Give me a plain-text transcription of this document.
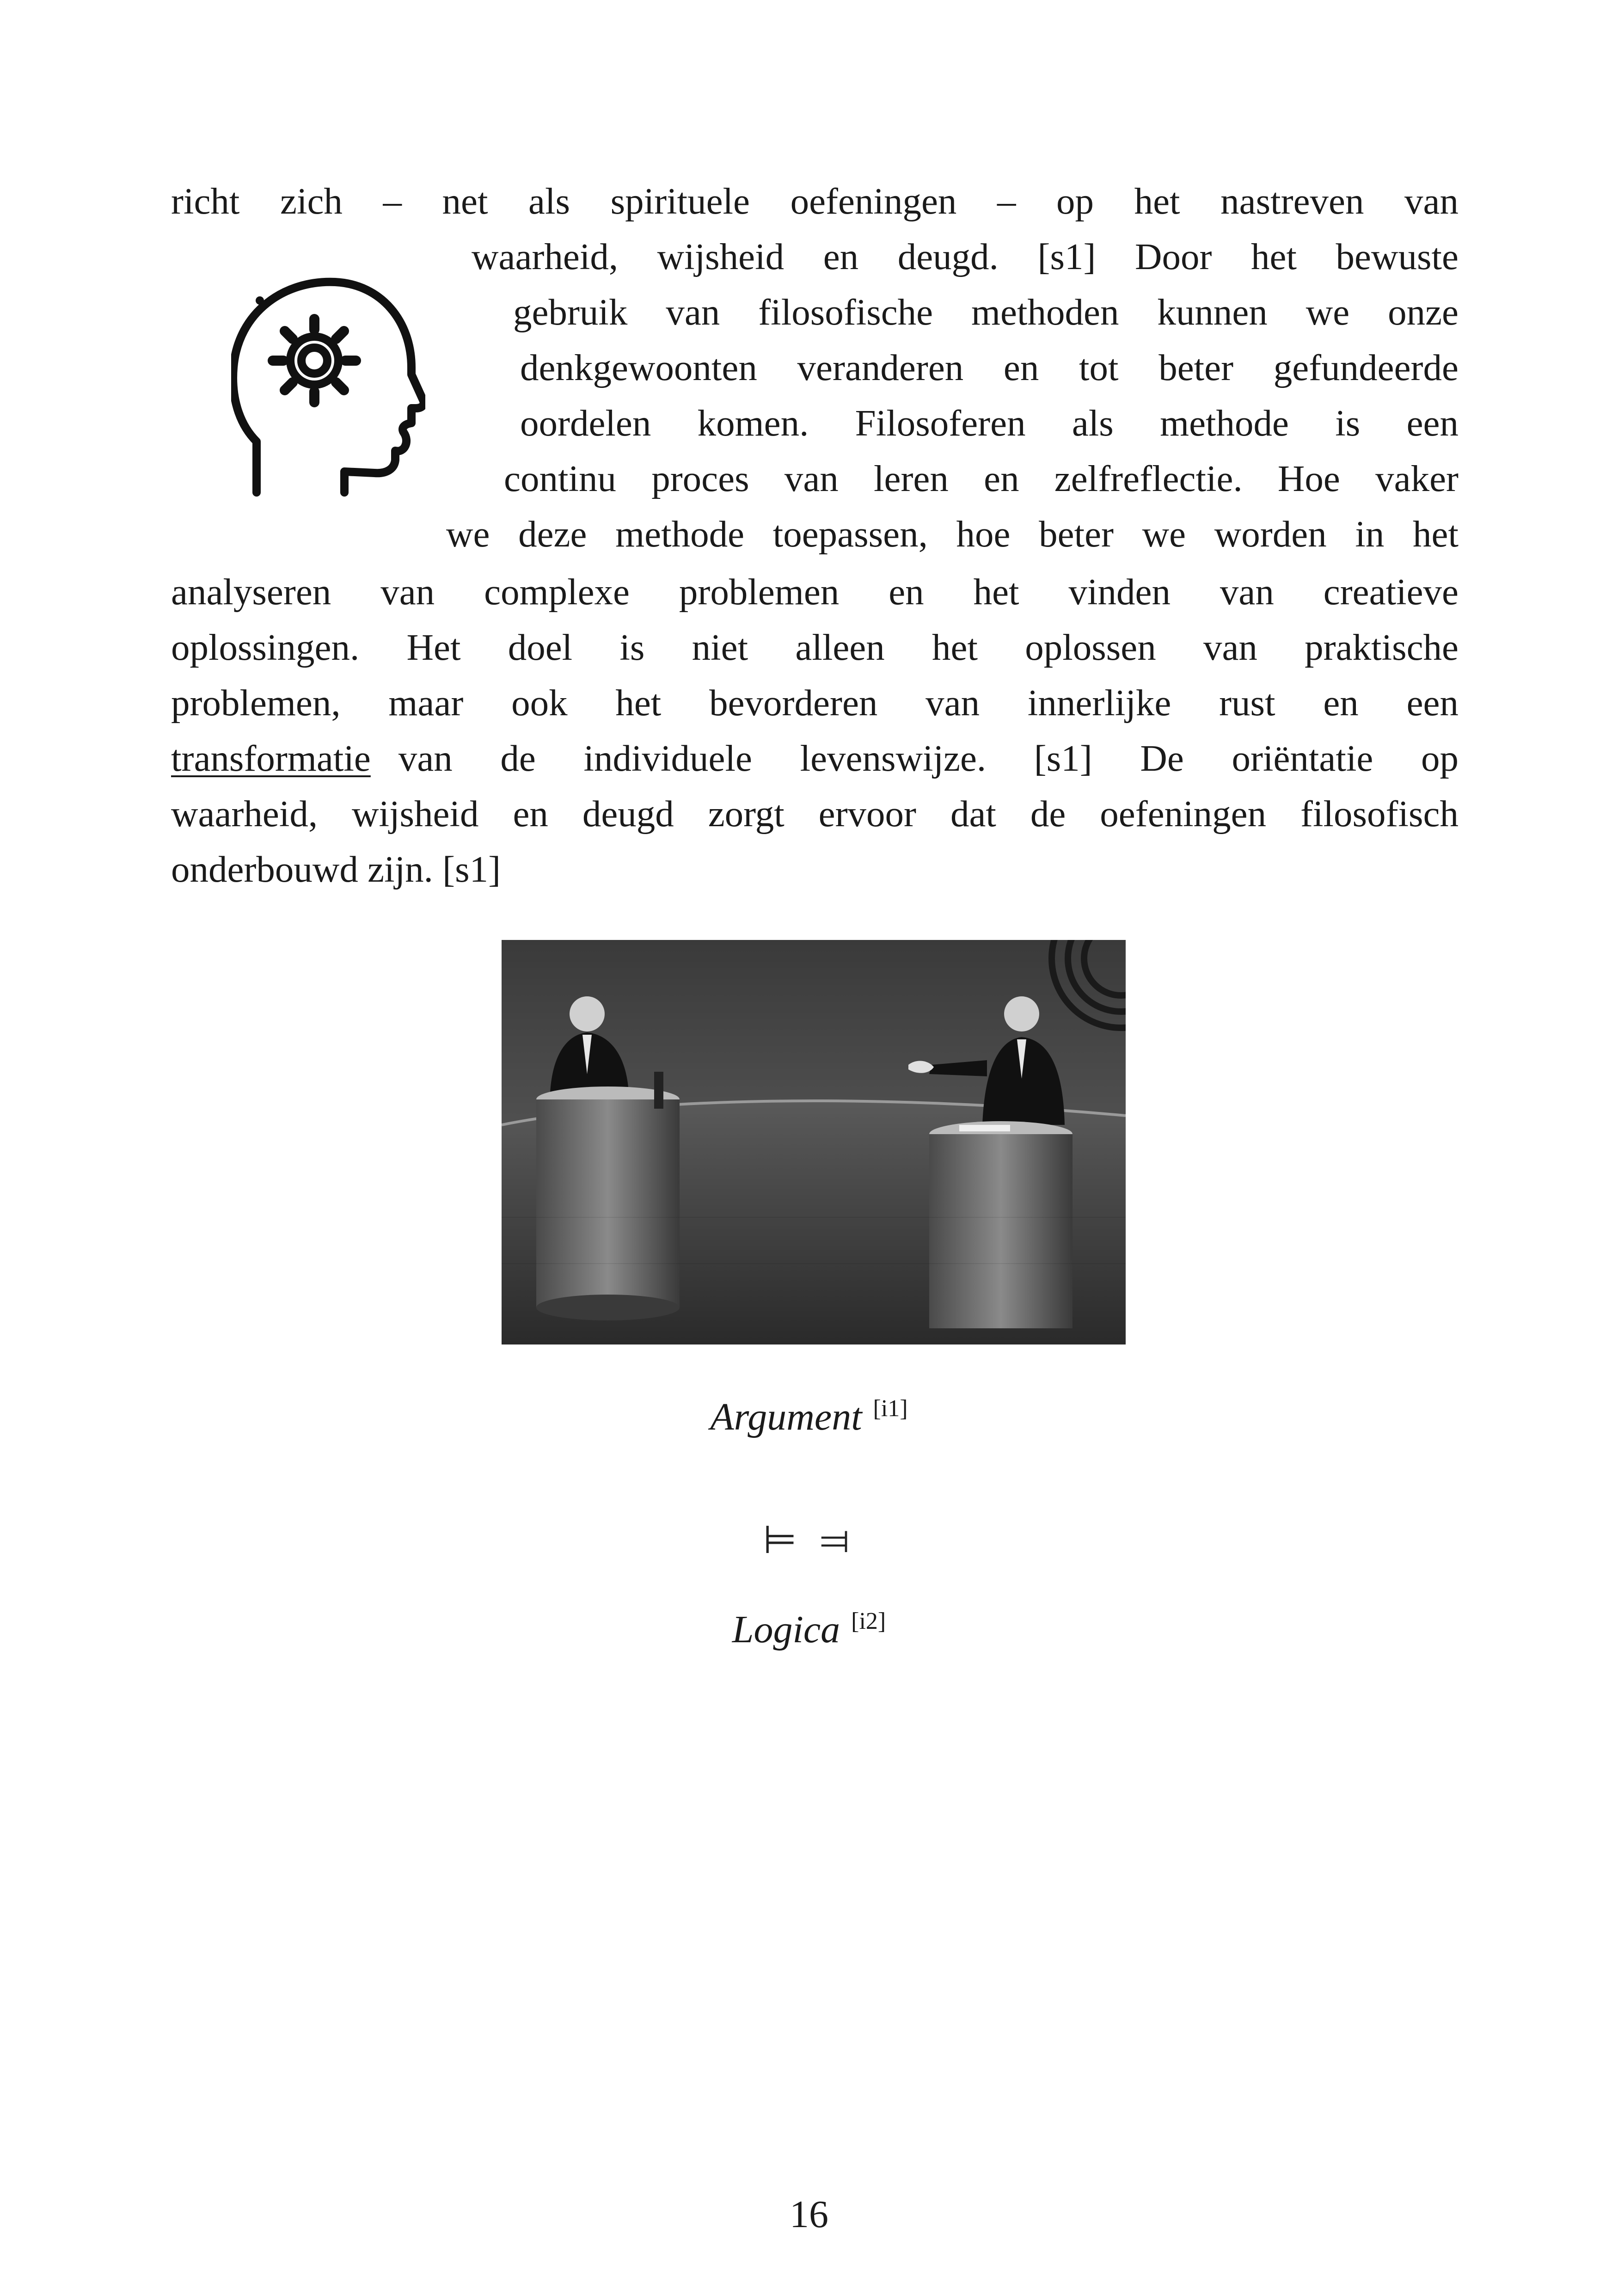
richt zich – net als spirituele oefeningen – op het nastreven van
waarheid, wijsheid en deugd. [s1] Door het bewuste
gebruik van filosofische methoden kunnen we onze
denkgewoonten veranderen en tot beter gefundeerde
oordelen komen. Filosoferen als methode is een
continu proces van leren en zelfreflectie. Hoe vaker
we deze methode toepassen, hoe beter we worden in het
analyseren van complexe problemen en het vinden van creatieve
oplossingen. Het doel is niet alleen het oplossen van praktische
problemen, maar ook het bevorderen van innerlijke rust en een
transformatie van de individuele levenswijze. [s1] De oriëntatie op
waarheid, wijsheid en deugd zorgt ervoor dat de oefeningen filosofisch
onderbouwd zijn. [s1]
Argument [i1]
⊨ ⫤
Logica [i2]
16
